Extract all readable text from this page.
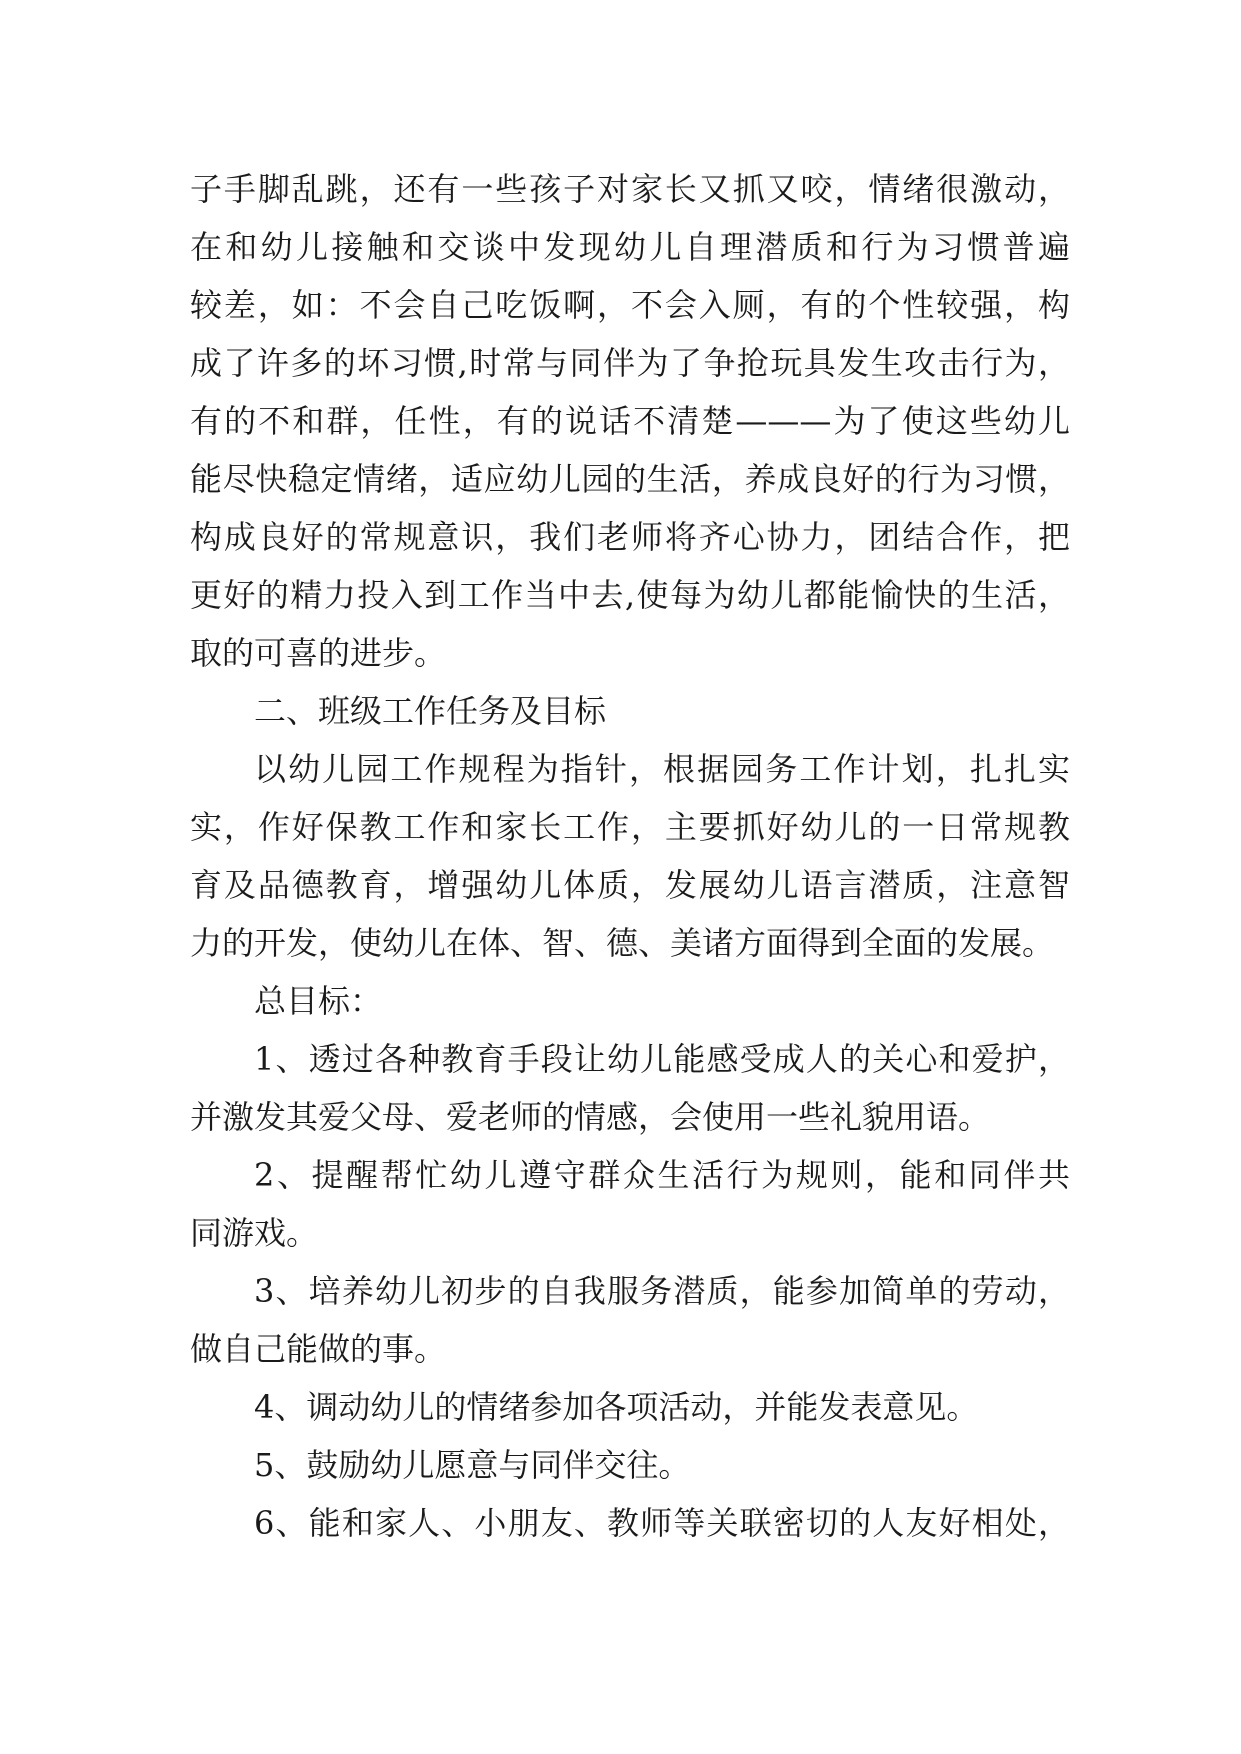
子手脚乱跳，还有一些孩子对家长又抓又咬，情绪很激动，
在和幼儿接触和交谈中发现幼儿自理潜质和行为习惯普遍
较差，如：不会自己吃饭啊，不会入厕，有的个性较强，构
成了许多的坏习惯,时常与同伴为了争抢玩具发生攻击行为，
有的不和群，任性，有的说话不清楚———为了使这些幼儿
能尽快稳定情绪，适应幼儿园的生活，养成良好的行为习惯，
构成良好的常规意识，我们老师将齐心协力，团结合作，把
更好的精力投入到工作当中去,使每为幼儿都能愉快的生活，
取的可喜的进步。
二、班级工作任务及目标
以幼儿园工作规程为指针，根据园务工作计划，扎扎实
实，作好保教工作和家长工作，主要抓好幼儿的一日常规教
育及品德教育，增强幼儿体质，发展幼儿语言潜质，注意智
力的开发，使幼儿在体、智、德、美诸方面得到全面的发展。
总目标：
1、透过各种教育手段让幼儿能感受成人的关心和爱护，
并激发其爱父母、爱老师的情感，会使用一些礼貌用语。
2、提醒帮忙幼儿遵守群众生活行为规则，能和同伴共
同游戏。
3、培养幼儿初步的自我服务潜质，能参加简单的劳动，
做自己能做的事。
4、调动幼儿的情绪参加各项活动，并能发表意见。
5、鼓励幼儿愿意与同伴交往。
6、能和家人、小朋友、教师等关联密切的人友好相处，
